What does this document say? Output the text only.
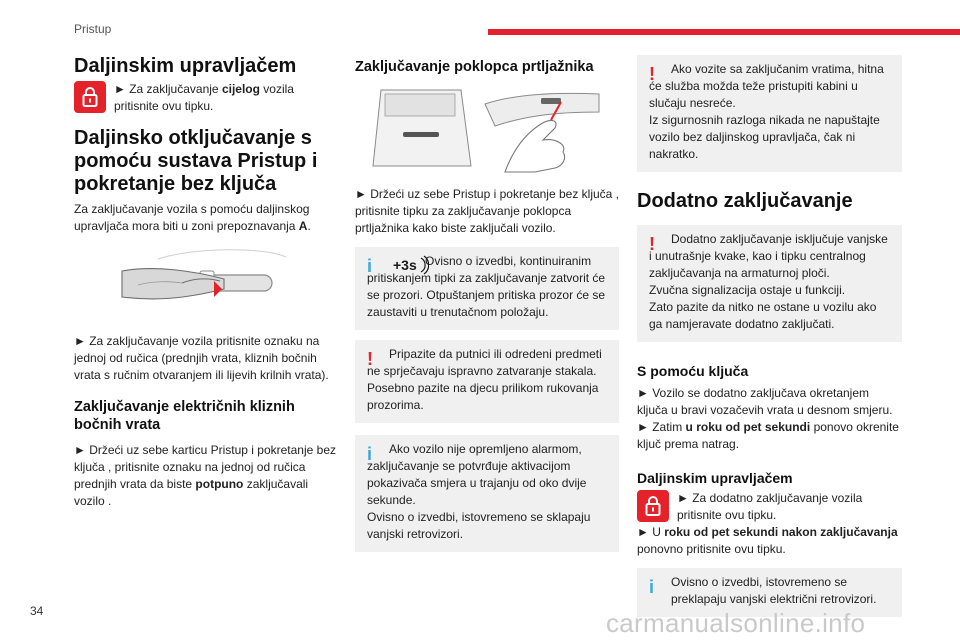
Pristup
Daljinskim upravljačem
► Za zaključavanje cijelog vozila pritisnite ovu tipku.
Daljinsko otključavanje s pomoću sustava Pristup i pokretanje bez ključa
Za zaključavanje vozila s pomoću daljinskog upravljača mora biti u zoni prepoznavanja A.
► Za zaključavanje vozila pritisnite oznaku na jednoj od ručica (prednjih vrata, kliznih bočnih vrata s ručnim otvaranjem ili lijevih krilnih vrata).
Zaključavanje električnih kliznih bočnih vrata
► Držeći uz sebe karticu Pristup i pokretanje bez ključa , pritisnite oznaku na jednoj od ručica prednjih vrata da biste potpuno zaključavali vozilo .
Zaključavanje poklopca prtljažnika
► Držeći uz sebe Pristup i pokretanje bez ključa , pritisnite tipku za zaključavanje poklopca prtljažnika kako biste zaključali vozilo.
i +3s Ovisno o izvedbi, kontinuiranim pritiskanjem tipki za zaključavanje zatvorit će se prozori. Otpuštanjem pritiska prozor će se zaustaviti u trenutačnom položaju.
!	Pripazite da putnici ili odredeni predmeti ne sprječavaju ispravno zatvaranje stakala.
Posebno pazite na djecu prilikom rukovanja prozorima.
i	Ako vozilo nije opremljeno alarmom, zaključavanje se potvrđuje aktivacijom pokazivača smjera u trajanju od oko dvije sekunde.
Ovisno o izvedbi, istovremeno se sklapaju vanjski retrovizori.
!	Ako vozite sa zaključanim vratima, hitna će služba možda teže pristupiti kabini u slučaju nesreće.
Iz sigurnosnih razloga nikada ne napuštajte vozilo bez daljinskog upravljača, čak ni nakratko.
Dodatno zaključavanje
!	Dodatno zaključavanje isključuje vanjske i unutrašnje kvake, kao i tipku centralnog zaključavanja na armaturnoj ploči.
Zvučna signalizacija ostaje u funkciji.
Zato pazite da nitko ne ostane u vozilu ako ga namjeravate dodatno zaključati.
S pomoću ključa
► Vozilo se dodatno zaključava okretanjem ključa u bravi vozačevih vrata u desnom smjeru.
► Zatim u roku od pet sekundi ponovo okrenite ključ prema natrag.
Daljinskim upravljačem
► Za dodatno zaključavanje vozila pritisnite ovu tipku.
► U roku od pet sekundi nakon zaključavanja ponovno pritisnite ovu tipku.
i	Ovisno o izvedbi, istovremeno se preklapaju vanjski električni retrovizori.
34	carmanualsonline.info
